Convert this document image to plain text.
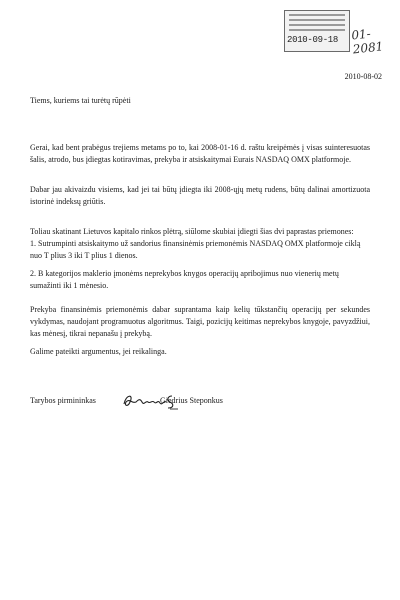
2010-09-18 01-2081
2010-08-02
Tiems, kuriems tai turėtų rūpėti

Gerai, kad bent prabėgus trejiems metams po to, kai 2008-01-16 d. raštu kreipėmės į visas suinteresuotas šalis, atrodo, bus įdiegtas kotiravimas, prekyba ir atsiskaitymai Eurais NASDAQ OMX platformoje.

Dabar jau akivaizdu visiems, kad jei tai būtų įdiegta iki 2008-ųjų metų rudens, būtų dalinai amortizuota istorinė indeksų griūtis.

Toliau skatinant Lietuvos kapitalo rinkos plėtrą, siūlome skubiai įdiegti šias dvi paprastas priemones:

1. Sutrumpinti atsiskaitymo už sandorius finansinėmis priemonėmis NASDAQ OMX platformoje ciklą nuo T plius 3 iki T plius 1 dienos.
2. B kategorijos maklerio įmonėms neprekybos knygos operacijų apribojimus nuo vienerių metų sumažinti iki 1 mėnesio.

Prekyba finansinėmis priemonėmis dabar suprantama kaip kelių tūkstančių operacijų per sekundes vykdymas, naudojant programuotus algoritmus. Taigi, pozicijų keitimas neprekybos knygoje, pavyzdžiui, kas mėnesį, tikrai nepanašu į prekybą.

Galime pateikti argumentus, jei reikalinga.

Tarybos pirmininkas	Giedrius Steponkus
